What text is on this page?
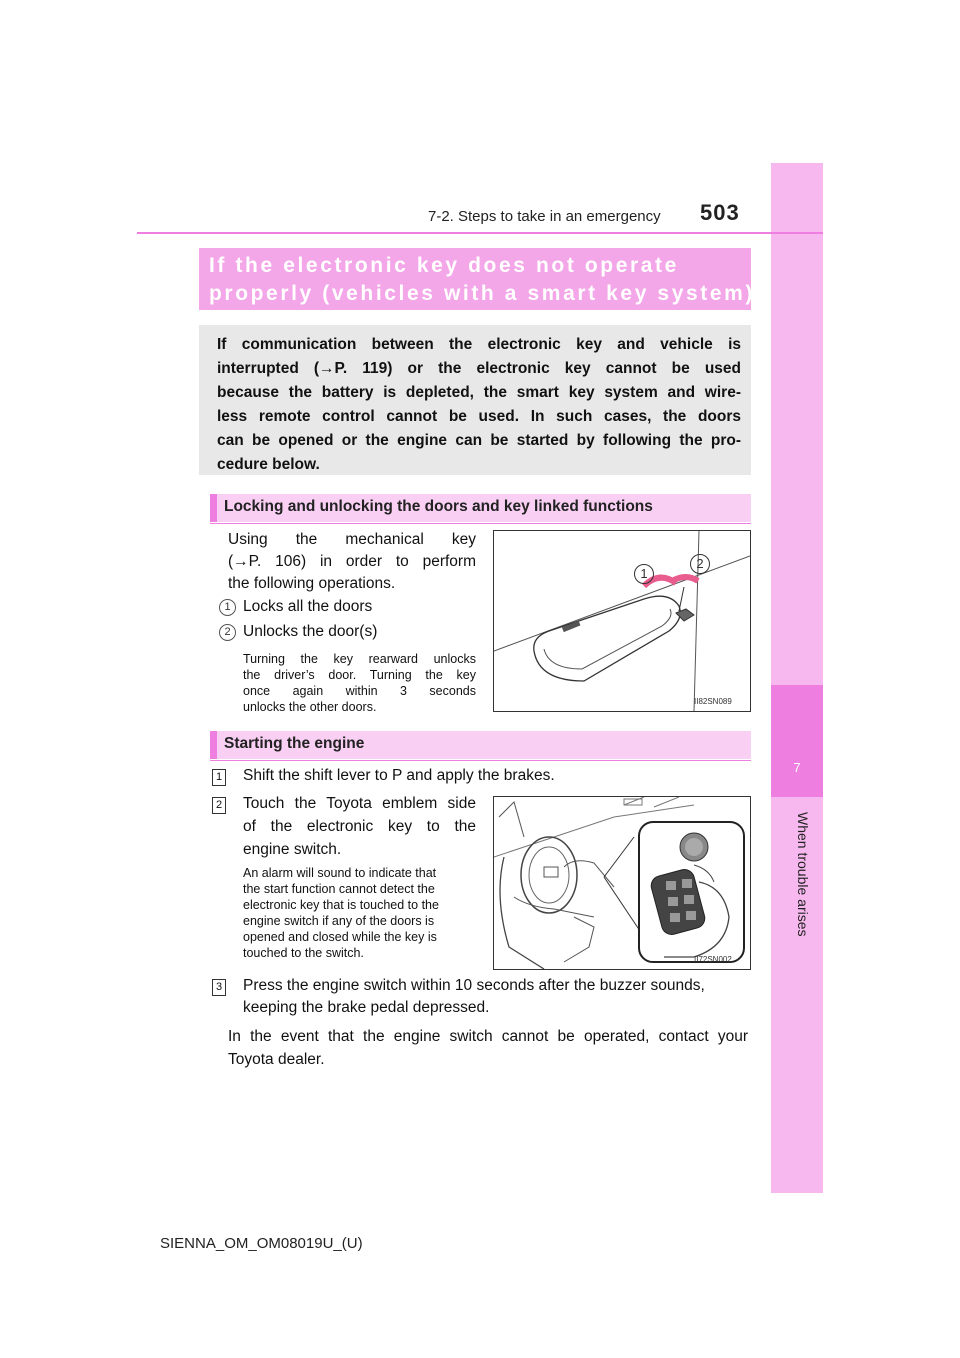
7
When trouble arises
7-2. Steps to take in an emergency 503
If the electronic key does not operate
properly (vehicles with a smart key system)
If communication between the electronic key and vehicle is
interrupted (→P. 119) or the electronic key cannot be used
because the battery is depleted, the smart key system and wire-
less remote control cannot be used. In such cases, the doors
can be opened or the engine can be started by following the pro-
cedure below.
Locking and unlocking the doors and key linked functions
Using the mechanical key
(→P. 106) in order to perform
the following operations.
1 Locks all the doors
2 Unlocks the door(s)
Turning the key rearward unlocks
the driver’s door. Turning the key
once again within 3 seconds
unlocks the other doors.
1
2
II82SN089
Starting the engine
1 Shift the shift lever to P and apply the brakes.
2 Touch the Toyota emblem side
of the electronic key to the
engine switch.
An alarm will sound to indicate that
the start function cannot detect the
electronic key that is touched to the
engine switch if any of the doors is
opened and closed while the key is
touched to the switch.	II72SN002
3 Press the engine switch within 10 seconds after the buzzer sounds,
keeping the brake pedal depressed.
In the event that the engine switch cannot be operated, contact your
Toyota dealer.
SIENNA_OM_OM08019U_(U)
